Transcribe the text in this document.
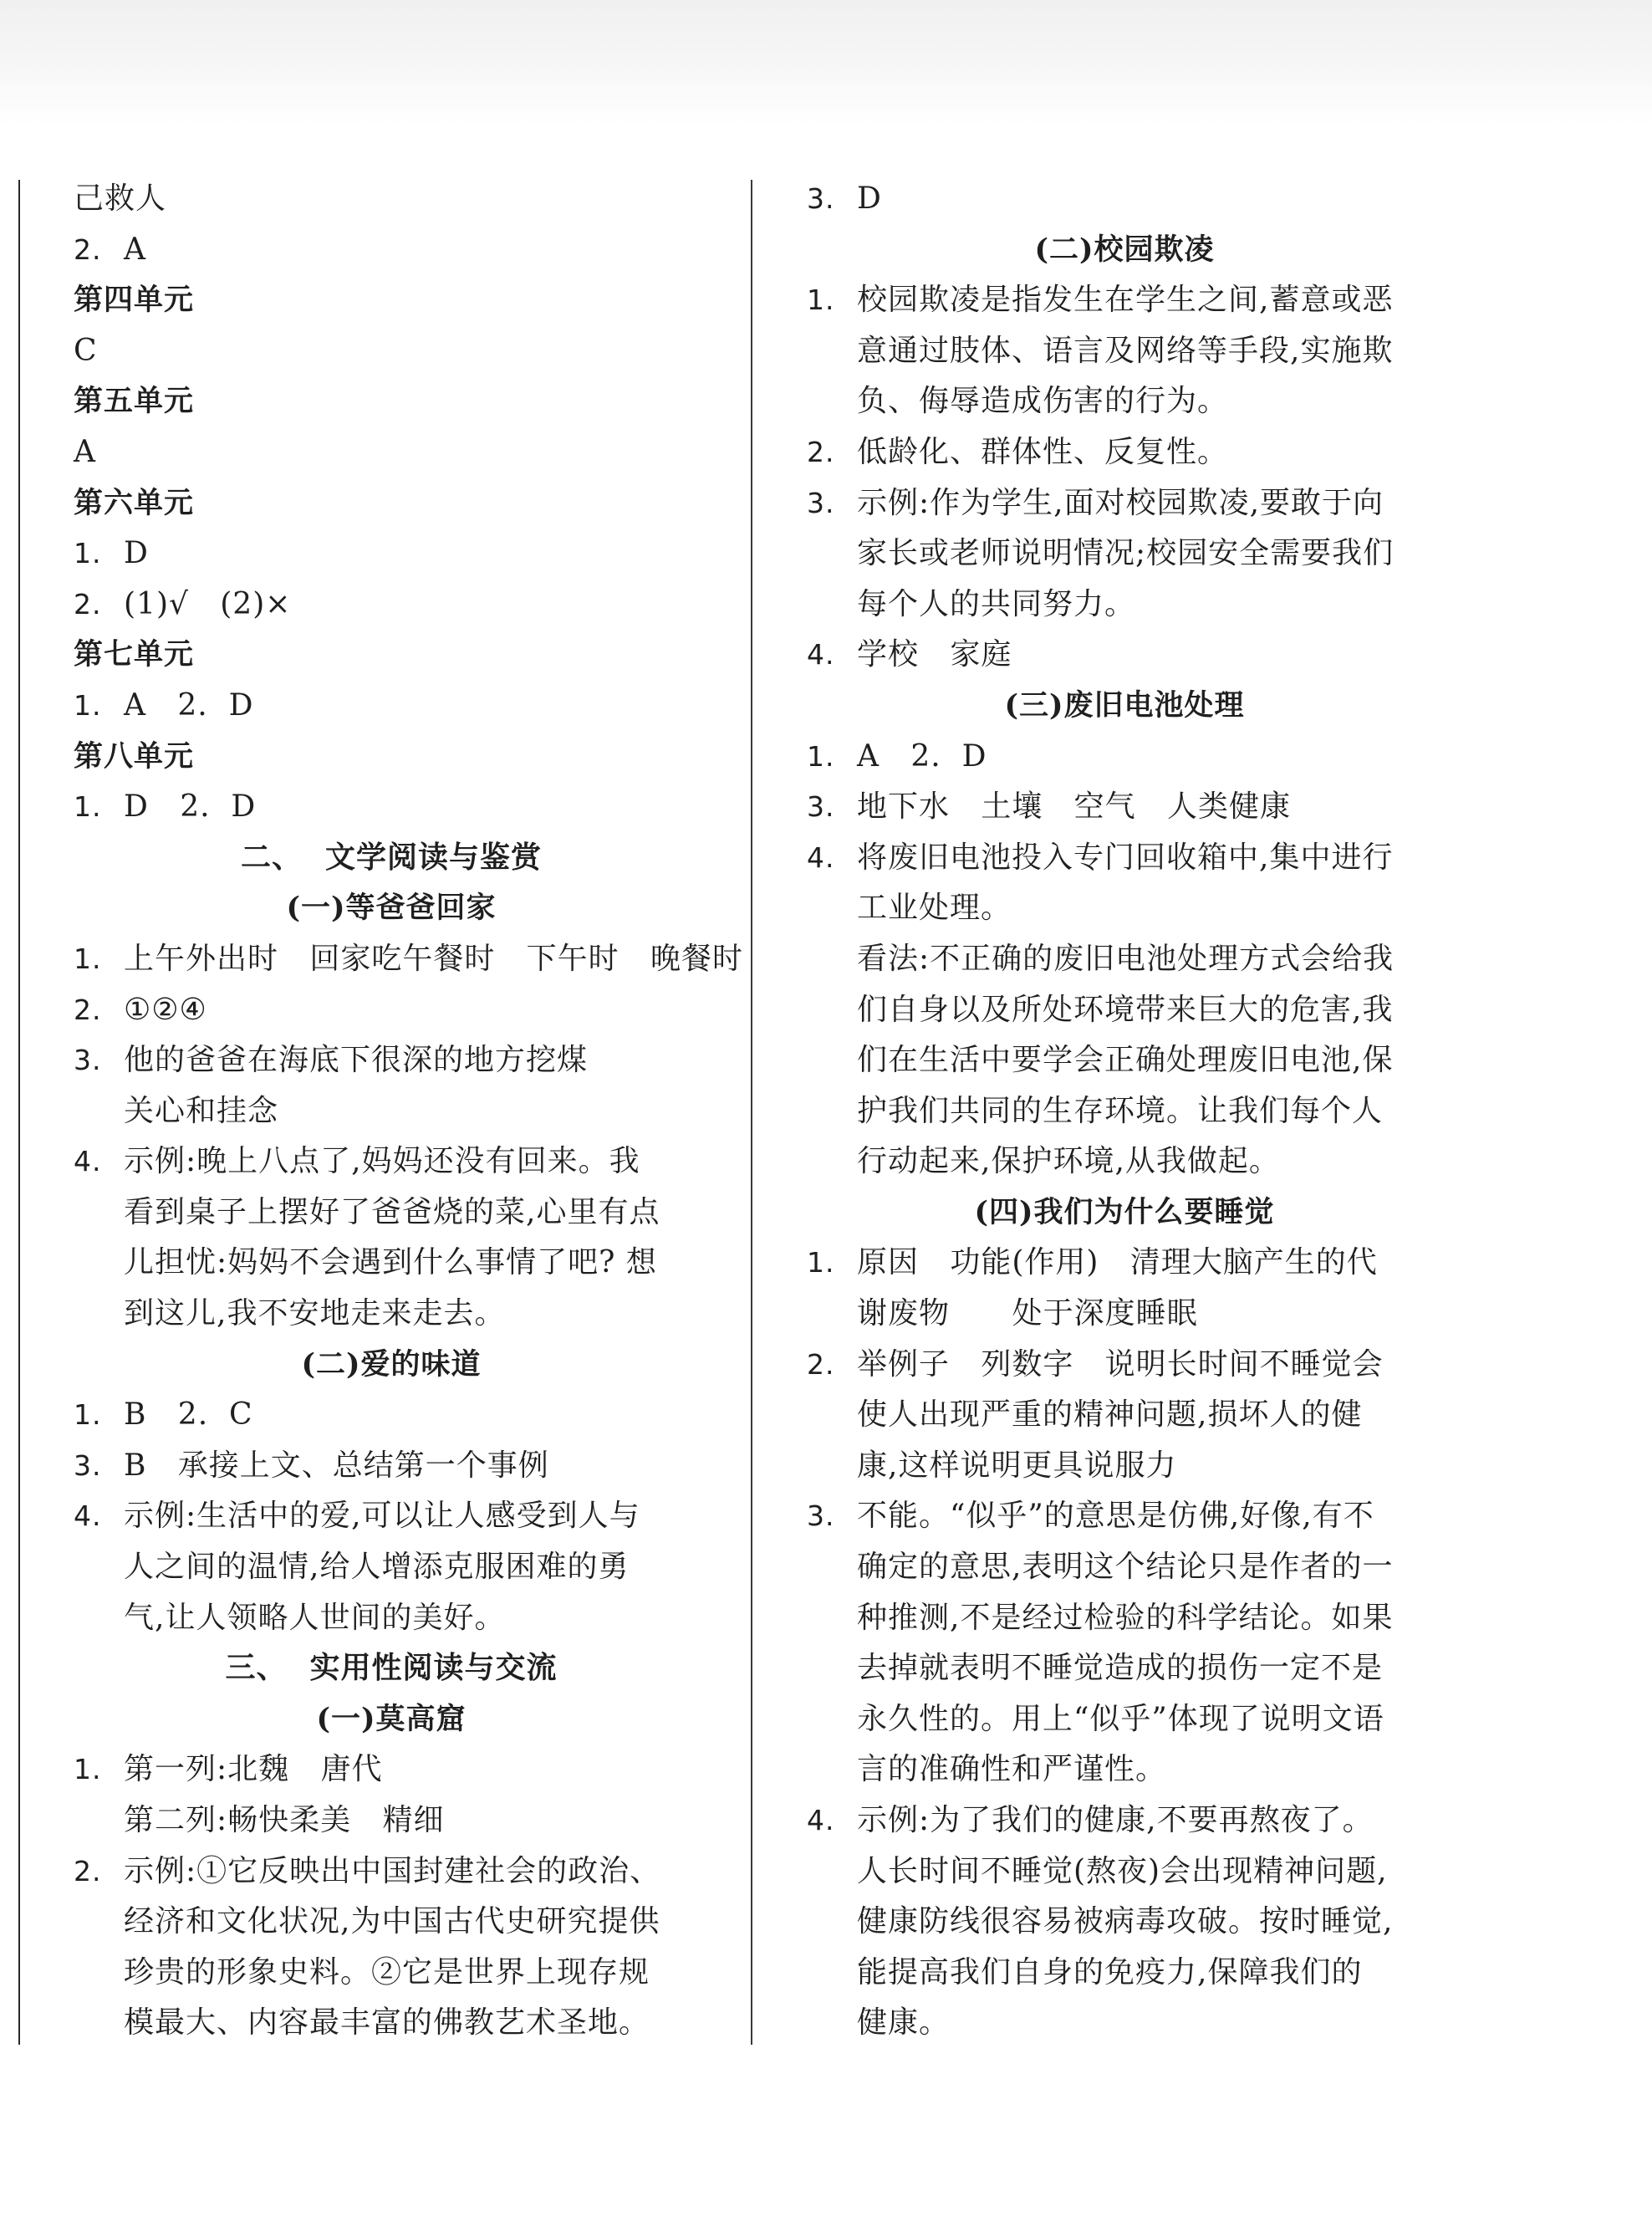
己救人
2. A
第四单元
C
第五单元
A
第六单元
1. D
2. (1)√   (2)×
第七单元
1. A   2.  D
第八单元
1. D   2.  D
二、  文学阅读与鉴赏
(一)等爸爸回家
1. 上午外出时   回家吃午餐时   下午时   晚餐时
2. ①②④
3. 他的爸爸在海底下很深的地方挖煤
关心和挂念
4. 示例:晚上八点了,妈妈还没有回来。我
看到桌子上摆好了爸爸烧的菜,心里有点
儿担忧:妈妈不会遇到什么事情了吧? 想
到这儿,我不安地走来走去。
(二)爱的味道
1. B   2.  C
3. B   承接上文、总结第一个事例
4. 示例:生活中的爱,可以让人感受到人与
人之间的温情,给人增添克服困难的勇
气,让人领略人世间的美好。
三、  实用性阅读与交流
(一)莫高窟
1. 第一列:北魏   唐代
第二列:畅快柔美   精细
2. 示例:①它反映出中国封建社会的政治、
经济和文化状况,为中国古代史研究提供
珍贵的形象史料。②它是世界上现存规
模最大、内容最丰富的佛教艺术圣地。
3. D
(二)校园欺凌
1. 校园欺凌是指发生在学生之间,蓄意或恶
意通过肢体、语言及网络等手段,实施欺
负、侮辱造成伤害的行为。
2. 低龄化、群体性、反复性。
3. 示例:作为学生,面对校园欺凌,要敢于向
家长或老师说明情况;校园安全需要我们
每个人的共同努力。
4. 学校   家庭
(三)废旧电池处理
1. A   2.  D
3. 地下水   土壤   空气   人类健康
4. 将废旧电池投入专门回收箱中,集中进行
工业处理。
看法:不正确的废旧电池处理方式会给我
们自身以及所处环境带来巨大的危害,我
们在生活中要学会正确处理废旧电池,保
护我们共同的生存环境。让我们每个人
行动起来,保护环境,从我做起。
(四)我们为什么要睡觉
1. 原因   功能(作用)   清理大脑产生的代
谢废物      处于深度睡眠
2. 举例子   列数字   说明长时间不睡觉会
使人出现严重的精神问题,损坏人的健
康,这样说明更具说服力
3. 不能。“似乎”的意思是仿佛,好像,有不
确定的意思,表明这个结论只是作者的一
种推测,不是经过检验的科学结论。如果
去掉就表明不睡觉造成的损伤一定不是
永久性的。用上“似乎”体现了说明文语
言的准确性和严谨性。
4. 示例:为了我们的健康,不要再熬夜了。
人长时间不睡觉(熬夜)会出现精神问题,
健康防线很容易被病毒攻破。按时睡觉,
能提高我们自身的免疫力,保障我们的
健康。
